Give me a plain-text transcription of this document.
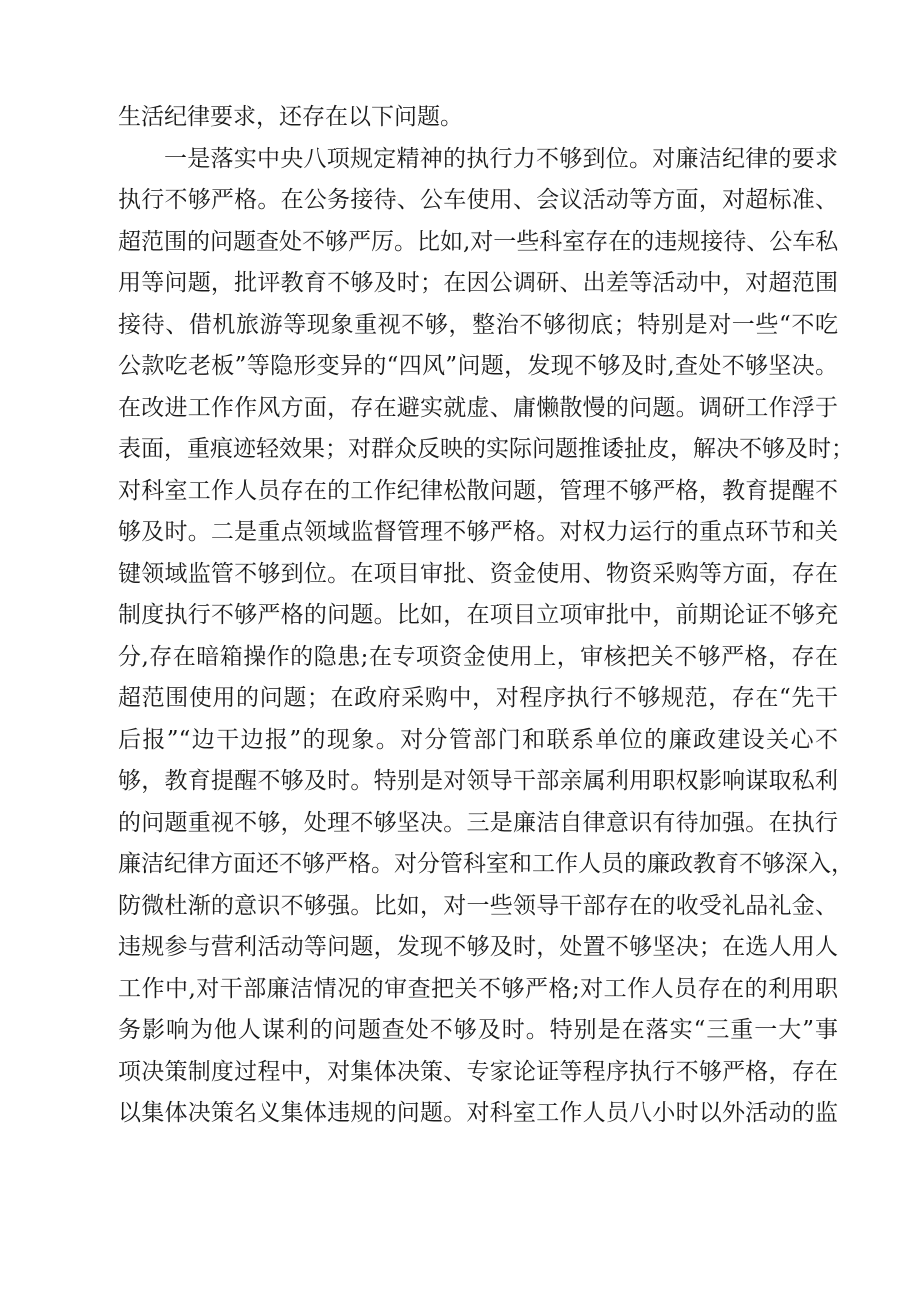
生活纪律要求，还存在以下问题。
一是落实中央八项规定精神的执行力不够到位。对廉洁纪律的要求
执行不够严格。在公务接待、公车使用、会议活动等方面，对超标准、
超范围的问题查处不够严厉。比如,对一些科室存在的违规接待、公车私
用等问题，批评教育不够及时；在因公调研、出差等活动中，对超范围
接待、借机旅游等现象重视不够，整治不够彻底；特别是对一些“不吃
公款吃老板”等隐形变异的“四风”问题，发现不够及时,查处不够坚决。
在改进工作作风方面，存在避实就虚、庸懒散慢的问题。调研工作浮于
表面，重痕迹轻效果；对群众反映的实际问题推诿扯皮，解决不够及时；
对科室工作人员存在的工作纪律松散问题，管理不够严格，教育提醒不
够及时。二是重点领域监督管理不够严格。对权力运行的重点环节和关
键领域监管不够到位。在项目审批、资金使用、物资采购等方面，存在
制度执行不够严格的问题。比如，在项目立项审批中，前期论证不够充
分,存在暗箱操作的隐患;在专项资金使用上，审核把关不够严格，存在
超范围使用的问题；在政府采购中，对程序执行不够规范，存在“先干
后报”“边干边报”的现象。对分管部门和联系单位的廉政建设关心不
够，教育提醒不够及时。特别是对领导干部亲属利用职权影响谋取私利
的问题重视不够，处理不够坚决。三是廉洁自律意识有待加强。在执行
廉洁纪律方面还不够严格。对分管科室和工作人员的廉政教育不够深入，
防微杜渐的意识不够强。比如，对一些领导干部存在的收受礼品礼金、
违规参与营利活动等问题，发现不够及时，处置不够坚决；在选人用人
工作中,对干部廉洁情况的审查把关不够严格;对工作人员存在的利用职
务影响为他人谋利的问题查处不够及时。特别是在落实“三重一大”事
项决策制度过程中，对集体决策、专家论证等程序执行不够严格，存在
以集体决策名义集体违规的问题。对科室工作人员八小时以外活动的监
